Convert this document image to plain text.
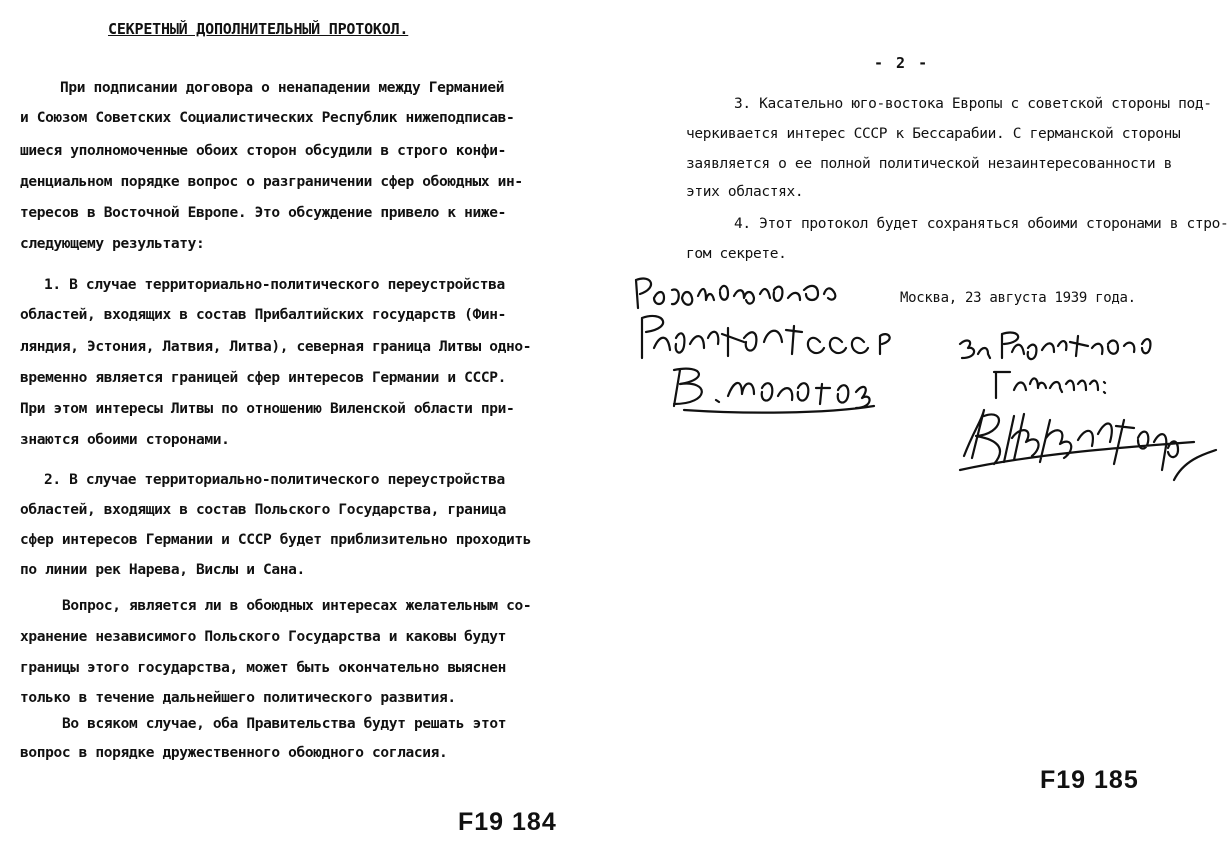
СЕКРЕТНЫЙ ДОПОЛНИТЕЛЬНЫЙ ПРОТОКОЛ.
При подписании договора о ненападении между Германией
и Союзом Советских Социалистических Республик нижеподписав-
шиеся уполномоченные обоих сторон обсудили в строго конфи-
денциальном порядке вопрос о разграничении сфер обоюдных ин-
тересов в Восточной Европе. Это обсуждение привело к ниже-
следующему результату:
1. В случае территориально-политического переустройства
областей, входящих в состав Прибалтийских государств (Фин-
ляндия, Эстония, Латвия, Литва), северная граница Литвы одно-
временно является границей сфер интересов Германии и СССР.
При этом интересы Литвы по отношению Виленской области при-
знаются обоими сторонами.
2. В случае территориально-политического переустройства
областей, входящих в состав Польского Государства, граница
сфер интересов Германии и СССР будет приблизительно проходить
по линии рек Нарева, Вислы и Сана.
Вопрос, является ли в обоюдных интересах желательным со-
хранение независимого Польского Государства и каковы будут
границы этого государства, может быть окончательно выяснен
только в течение дальнейшего политического развития.
Во всяком случае, оба Правительства будут решать этот
вопрос в порядке дружественного обоюдного согласия.
F19 184
- 2 -
3. Касательно юго-востока Европы с советской стороны под-
черкивается интерес СССР к Бессарабии. С германской стороны
заявляется о ее полной политической незаинтересованности в
этих областях.
4. Этот протокол будет сохраняться обоими сторонами в стро-
гом секрете.
Москва, 23 августа 1939 года.
F19 185
